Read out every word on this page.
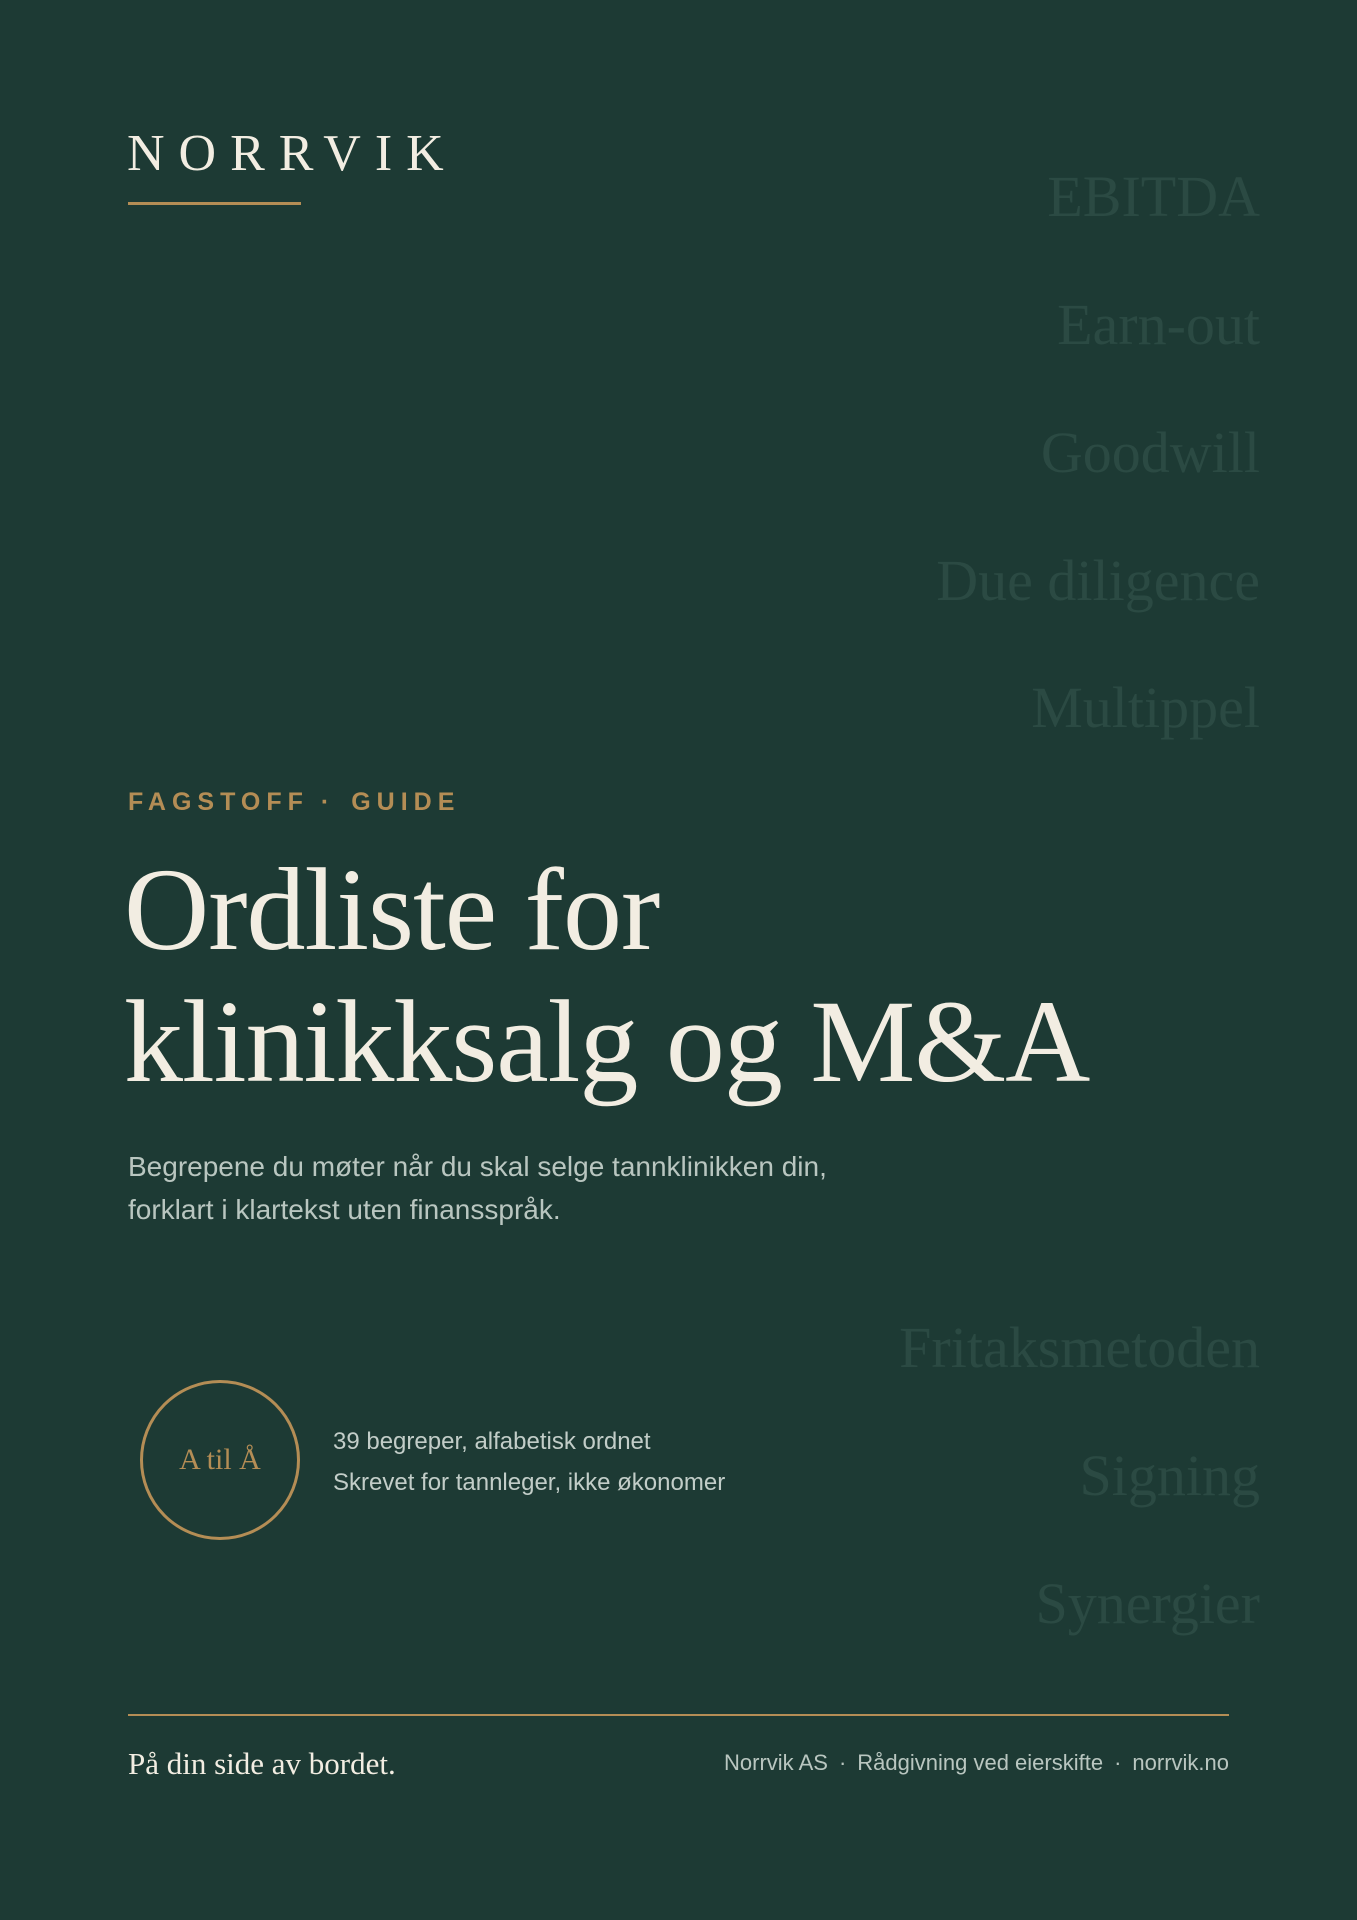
NORRVIK
EBITDA
Earn-out
Goodwill
Due diligence
Multippel
Fritaksmetoden
Signing
Synergier
FAGSTOFF · GUIDE
Ordliste for
klinikksalg og M&A
Begrepene du møter når du skal selge tannklinikken din,
forklart i klartekst uten finansspråk.
A til Å
39 begreper, alfabetisk ordnet
Skrevet for tannleger, ikke økonomer
På din side av bordet.	Norrvik AS · Rådgivning ved eierskifte · norrvik.no
